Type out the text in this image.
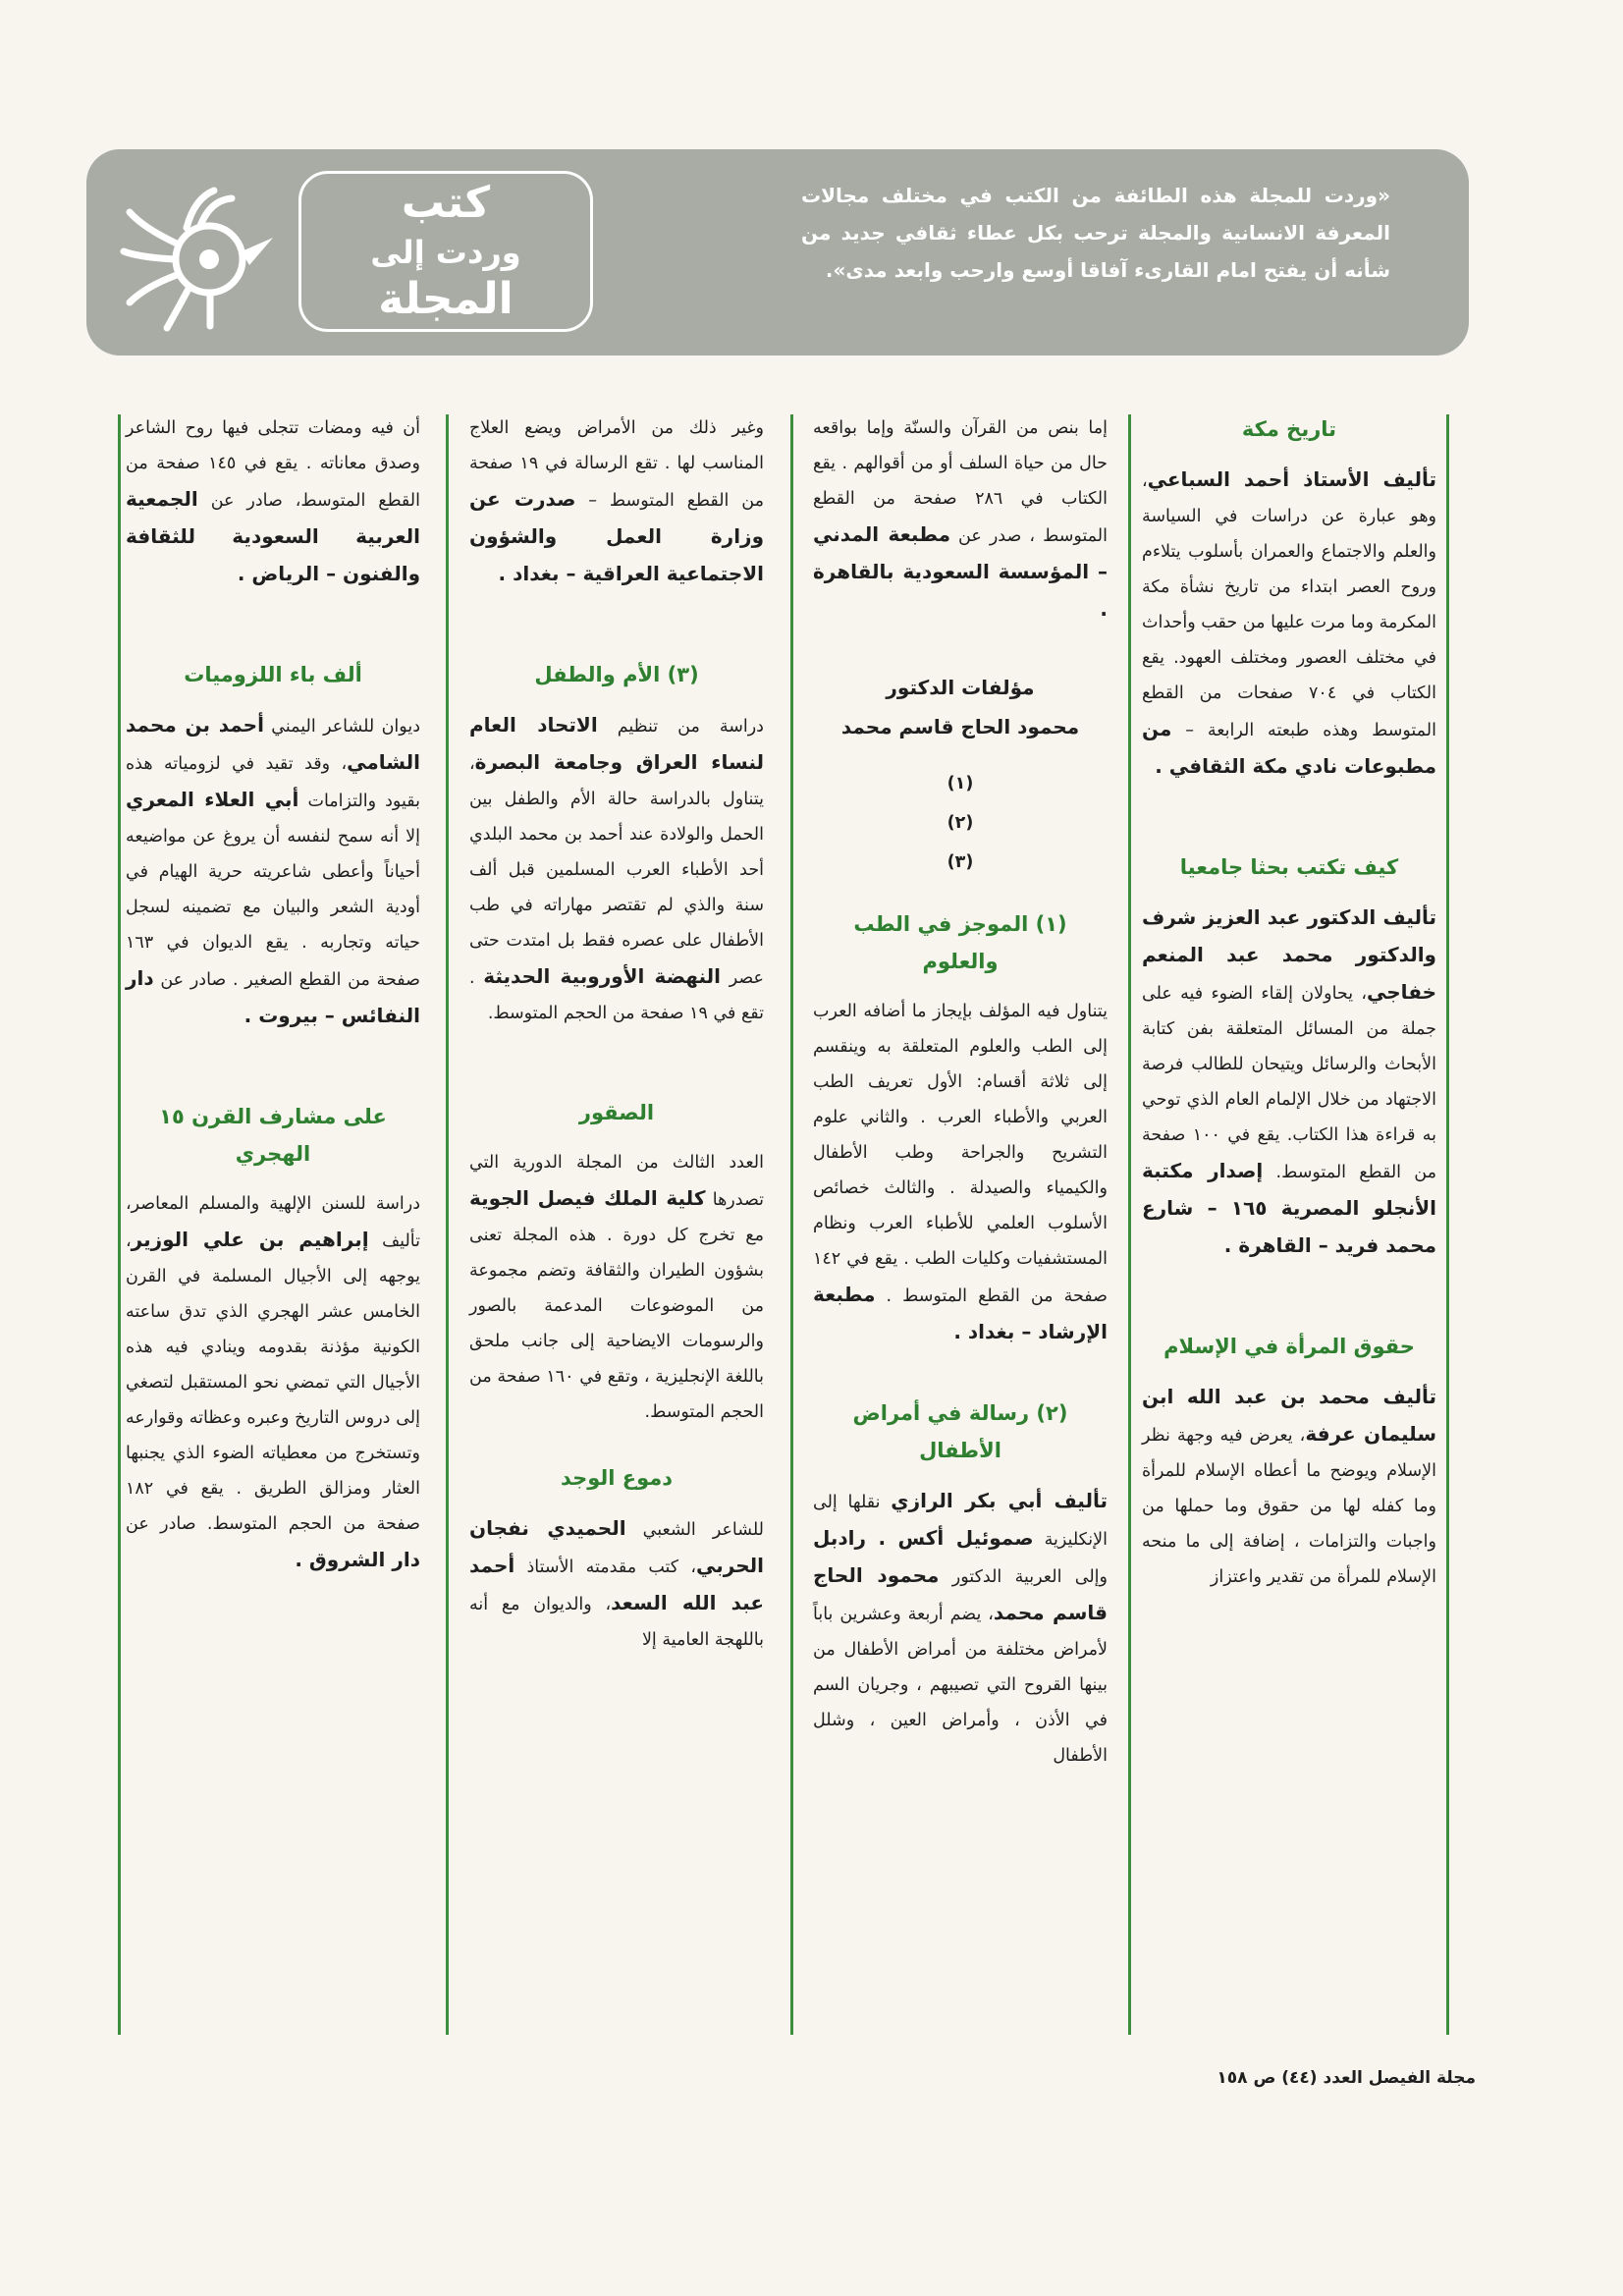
«وردت للمجلة هذه الطائفة من الكتب في مختلف مجالات المعرفة الانسانية والمجلة ترحب بكل عطاء ثقافي جديد من شأنه أن يفتح امام القارىء آفاقا أوسع وارحب وابعد مدى».
كتب
وردت إلى
المجلة
تاريخ مكة

تأليف الأستاذ أحمد السباعي، وهو عبارة عن دراسات في السياسة والعلم والاجتماع والعمران بأسلوب يتلاءم وروح العصر ابتداء من تاريخ نشأة مكة المكرمة وما مرت عليها من حقب وأحداث في مختلف العصور ومختلف العهود. يقع الكتاب في ٧٠٤ صفحات من القطع المتوسط وهذه طبعته الرابعة – من مطبوعات نادي مكة الثقافي .

كيف تكتب بحثا جامعيا

تأليف الدكتور عبد العزيز شرف والدكتور محمد عبد المنعم خفاجي، يحاولان إلقاء الضوء فيه على جملة من المسائل المتعلقة بفن كتابة الأبحاث والرسائل ويتيحان للطالب فرصة الاجتهاد من خلال الإلمام العام الذي توحي به قراءة هذا الكتاب. يقع في ١٠٠ صفحة من القطع المتوسط. إصدار مكتبة الأنجلو المصرية ١٦٥ – شارع محمد فريد – القاهرة .

حقوق المرأة في الإسلام

تأليف محمد بن عبد الله ابن سليمان عرفة، يعرض فيه وجهة نظر الإسلام ويوضح ما أعطاه الإسلام للمرأة وما كفله لها من حقوق وما حملها من واجبات والتزامات ، إضافة إلى ما منحه الإسلام للمرأة من تقدير واعتزاز

إما بنص من القرآن والسنّة وإما بواقعه حال من حياة السلف أو من أقوالهم . يقع الكتاب في ٢٨٦ صفحة من القطع المتوسط ، صدر عن مطبعة المدني – المؤسسة السعودية بالقاهرة .

مؤلفات الدكتور
محمود الحاج قاسم محمد
(١)
(٢)
(٣)
(١) الموجز في الطب والعلوم

يتناول فيه المؤلف بإيجاز ما أضافه العرب إلى الطب والعلوم المتعلقة به وينقسم إلى ثلاثة أقسام: الأول تعريف الطب العربي والأطباء العرب . والثاني علوم التشريح والجراحة وطب الأطفال والكيمياء والصيدلة . والثالث خصائص الأسلوب العلمي للأطباء العرب ونظام المستشفيات وكليات الطب . يقع في ١٤٢ صفحة من القطع المتوسط . مطبعة الإرشاد – بغداد .

(٢) رسالة في أمراض الأطفال

تأليف أبي بكر الرازي نقلها إلى الإنكليزية صموئيل أكس . رادبل وإلى العربية الدكتور محمود الحاج قاسم محمد، يضم أربعة وعشرين باباً لأمراض مختلفة من أمراض الأطفال من بينها القروح التي تصيبهم ، وجريان السم في الأذن ، وأمراض العين ، وشلل الأطفال

وغير ذلك من الأمراض ويضع العلاج المناسب لها . تقع الرسالة في ١٩ صفحة من القطع المتوسط – صدرت عن وزارة العمل والشؤون الاجتماعية العراقية – بغداد .

(٣) الأم والطفل

دراسة من تنظيم الاتحاد العام لنساء العراق وجامعة البصرة، يتناول بالدراسة حالة الأم والطفل بين الحمل والولادة عند أحمد بن محمد البلدي أحد الأطباء العرب المسلمين قبل ألف سنة والذي لم تقتصر مهاراته في طب الأطفال على عصره فقط بل امتدت حتى عصر النهضة الأوروبية الحديثة . تقع في ١٩ صفحة من الحجم المتوسط.

الصقور

العدد الثالث من المجلة الدورية التي تصدرها كلية الملك فيصل الجوية مع تخرج كل دورة . هذه المجلة تعنى بشؤون الطيران والثقافة وتضم مجموعة من الموضوعات المدعمة بالصور والرسومات الايضاحية إلى جانب ملحق باللغة الإنجليزية ، وتقع في ١٦٠ صفحة من الحجم المتوسط.

دموع الوجد

للشاعر الشعبي الحميدي نفجان الحربي، كتب مقدمته الأستاذ أحمد عبد الله السعد، والديوان مع أنه باللهجة العامية إلا

أن فيه ومضات تتجلى فيها روح الشاعر وصدق معاناته . يقع في ١٤٥ صفحة من القطع المتوسط، صادر عن الجمعية العربية السعودية للثقافة والفنون – الرياض .

ألف باء اللزوميات

ديوان للشاعر اليمني أحمد بن محمد الشامي، وقد تقيد في لزومياته هذه بقيود والتزامات أبي العلاء المعري إلا أنه سمح لنفسه أن يروغ عن مواضيعه أحياناً وأعطى شاعريته حرية الهيام في أودية الشعر والبيان مع تضمينه لسجل حياته وتجاربه . يقع الديوان في ١٦٣ صفحة من القطع الصغير . صادر عن دار النفائس – بيروت .

على مشارف القرن ١٥ الهجري

دراسة للسنن الإلهية والمسلم المعاصر، تأليف إبراهيم بن علي الوزير، يوجهه إلى الأجيال المسلمة في القرن الخامس عشر الهجري الذي تدق ساعته الكونية مؤذنة بقدومه وينادي فيه هذه الأجيال التي تمضي نحو المستقبل لتصغي إلى دروس التاريخ وعبره وعظاته وقوارعه وتستخرج من معطياته الضوء الذي يجنبها العثار ومزالق الطريق . يقع في ١٨٢ صفحة من الحجم المتوسط. صادر عن دار الشروق .

مجلة الفيصل العدد (٤٤) ص ١٥٨
